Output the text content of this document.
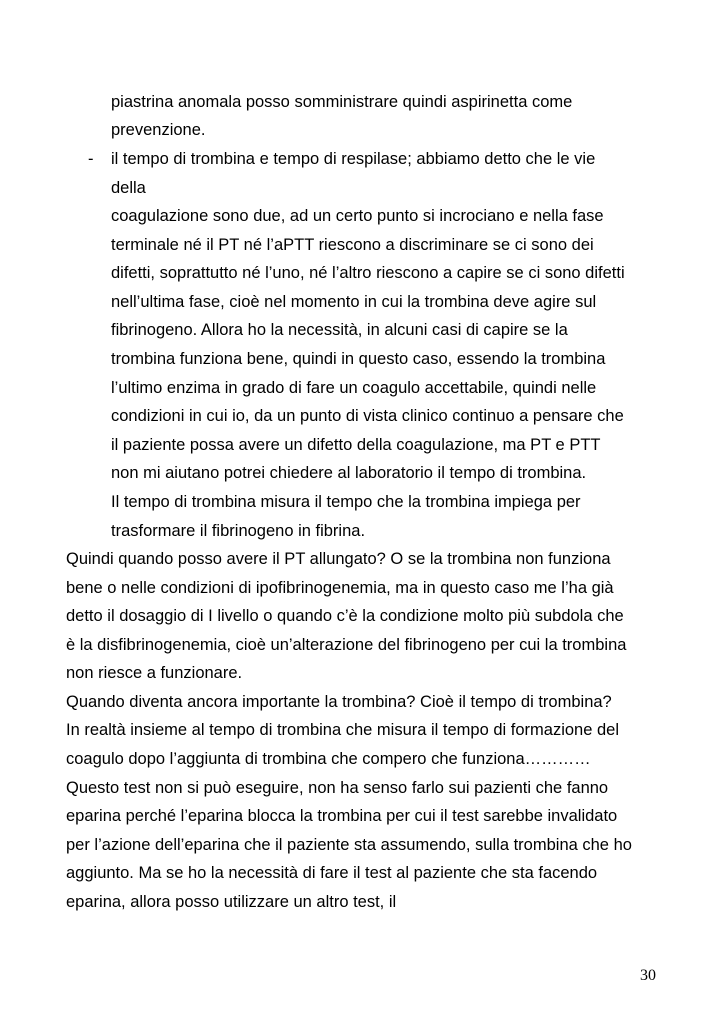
piastrina anomala posso somministrare quindi aspirinetta come
prevenzione.
- il tempo di trombina e tempo di respilase; abbiamo detto che le vie
della
coagulazione sono due, ad un certo punto si incrociano e nella fase
terminale né il PT né l’aPTT riescono a discriminare se ci sono dei
difetti, soprattutto né l’uno, né l’altro riescono a capire se ci sono difetti
nell’ultima fase, cioè nel momento in cui la trombina deve agire sul
fibrinogeno. Allora ho la necessità, in alcuni casi di capire se la
trombina funziona bene, quindi in questo caso, essendo la trombina
l’ultimo enzima in grado di fare un coagulo accettabile, quindi nelle
condizioni in cui io, da un punto di vista clinico continuo a pensare che
il paziente possa avere un difetto della coagulazione, ma PT e PTT
non mi aiutano potrei chiedere al laboratorio il tempo di trombina.
Il tempo di trombina misura il tempo che la trombina impiega per
trasformare il fibrinogeno in fibrina.
Quindi quando posso avere il PT allungato? O se la trombina non funziona
bene o nelle condizioni di ipofibrinogenemia, ma in questo caso me l’ha già
detto il dosaggio di I livello o quando c’è la condizione molto più subdola che
è la disfibrinogenemia, cioè un’alterazione del fibrinogeno per cui la trombina
non riesce a funzionare.
Quando diventa ancora importante la trombina? Cioè il tempo di trombina?
In realtà insieme al tempo di trombina che misura il tempo di formazione del
coagulo dopo l’aggiunta di trombina che compero che funziona…………
Questo test non si può eseguire, non ha senso farlo sui pazienti che fanno
eparina perché l’eparina blocca la trombina per cui il test sarebbe invalidato
per l’azione dell’eparina che il paziente sta assumendo, sulla trombina che ho
aggiunto. Ma se ho la necessità di fare il test al paziente che sta facendo
eparina, allora posso utilizzare un altro test, il
30
